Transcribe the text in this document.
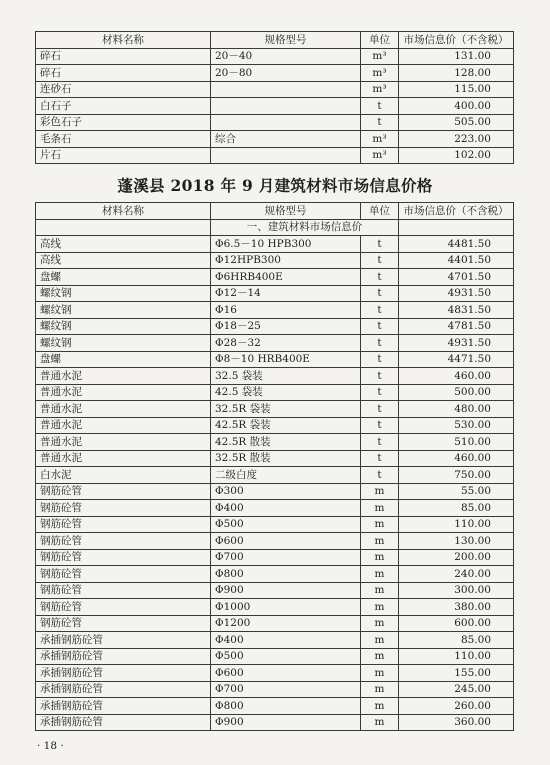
材料名称	规格型号	单位	市场信息价（不含税）
碎石	20－40	m³	131.00
碎石	20－80	m³	128.00
连砂石		m³	115.00
白石子		t	400.00
彩色石子		t	505.00
毛条石	综合	m³	223.00
片石		m³	102.00
蓬溪县 2018 年 9 月建筑材料市场信息价格
材料名称	规格型号	单位	市场信息价（不含税）
	一、建筑材料市场信息价		
高线	Φ6.5－10 HPB300	t	4481.50
高线	Φ12HPB300	t	4401.50
盘螺	Φ6HRB400E	t	4701.50
螺纹钢	Φ12－14	t	4931.50
螺纹钢	Φ16	t	4831.50
螺纹钢	Φ18－25	t	4781.50
螺纹钢	Φ28－32	t	4931.50
盘螺	Φ8－10 HRB400E	t	4471.50
普通水泥	32.5 袋装	t	460.00
普通水泥	42.5 袋装	t	500.00
普通水泥	32.5R 袋装	t	480.00
普通水泥	42.5R 袋装	t	530.00
普通水泥	42.5R 散装	t	510.00
普通水泥	32.5R 散装	t	460.00
白水泥	二级白度	t	750.00
钢筋砼管	Φ300	m	55.00
钢筋砼管	Φ400	m	85.00
钢筋砼管	Φ500	m	110.00
钢筋砼管	Φ600	m	130.00
钢筋砼管	Φ700	m	200.00
钢筋砼管	Φ800	m	240.00
钢筋砼管	Φ900	m	300.00
钢筋砼管	Φ1000	m	380.00
钢筋砼管	Φ1200	m	600.00
承插钢筋砼管	Φ400	m	85.00
承插钢筋砼管	Φ500	m	110.00
承插钢筋砼管	Φ600	m	155.00
承插钢筋砼管	Φ700	m	245.00
承插钢筋砼管	Φ800	m	260.00
承插钢筋砼管	Φ900	m	360.00
· 18 ·
